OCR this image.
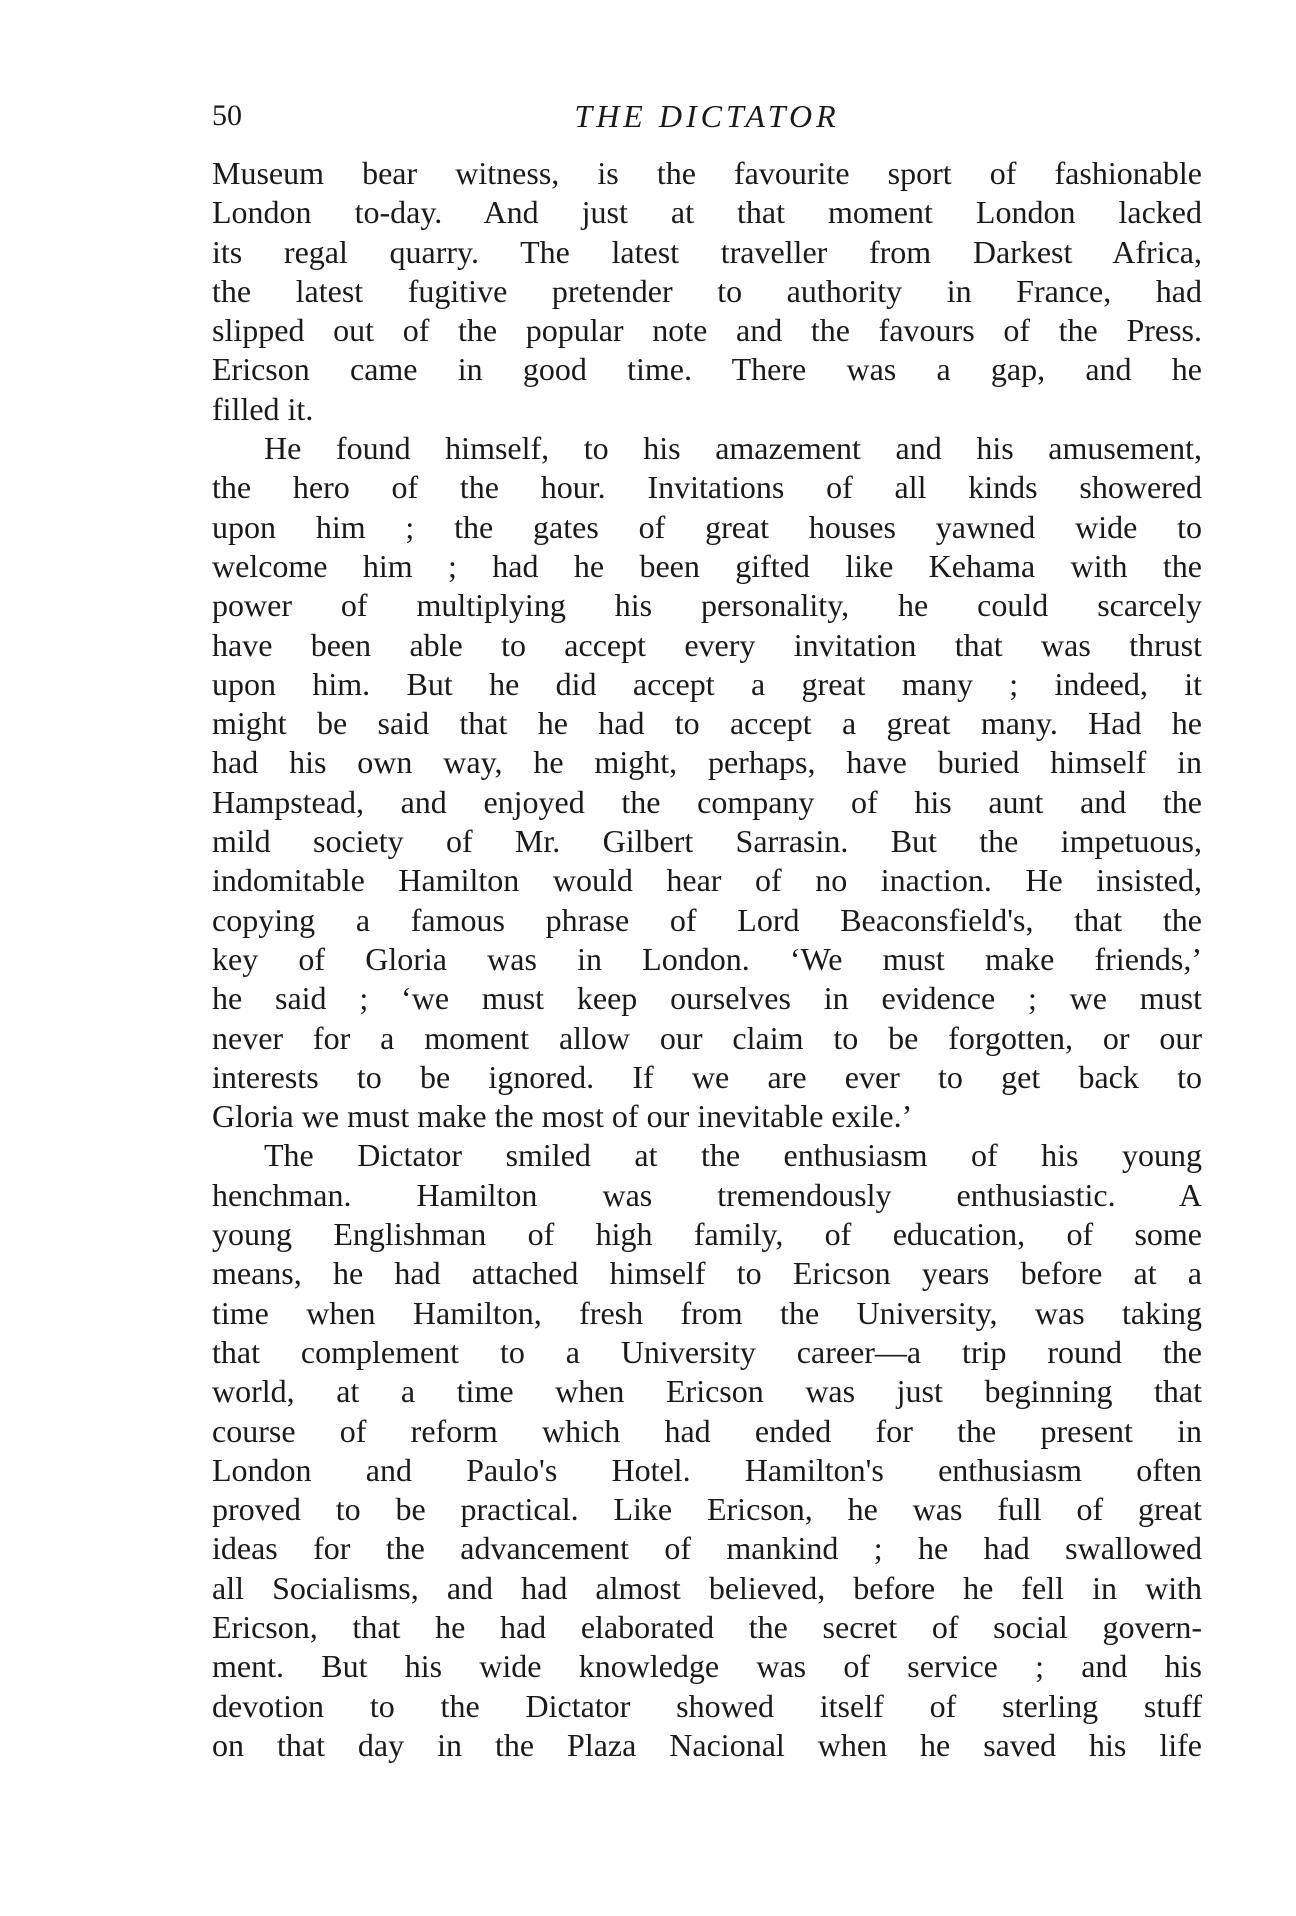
50	THE DICTATOR
Museum bear witness, is the favourite sport of fashionable
London to-day. And just at that moment London lacked
its regal quarry. The latest traveller from Darkest Africa,
the latest fugitive pretender to authority in France, had
slipped out of the popular note and the favours of the Press.
Ericson came in good time. There was a gap, and he
filled it.
He found himself, to his amazement and his amusement,
the hero of the hour. Invitations of all kinds showered
upon him ; the gates of great houses yawned wide to
welcome him ; had he been gifted like Kehama with the
power of multiplying his personality, he could scarcely
have been able to accept every invitation that was thrust
upon him. But he did accept a great many ; indeed, it
might be said that he had to accept a great many. Had he
had his own way, he might, perhaps, have buried himself in
Hampstead, and enjoyed the company of his aunt and the
mild society of Mr. Gilbert Sarrasin. But the impetuous,
indomitable Hamilton would hear of no inaction. He insisted,
copying a famous phrase of Lord Beaconsfield's, that the
key of Gloria was in London. ‘We must make friends,’
he said ; ‘we must keep ourselves in evidence ; we must
never for a moment allow our claim to be forgotten, or our
interests to be ignored. If we are ever to get back to
Gloria we must make the most of our inevitable exile.’
The Dictator smiled at the enthusiasm of his young
henchman. Hamilton was tremendously enthusiastic. A
young Englishman of high family, of education, of some
means, he had attached himself to Ericson years before at a
time when Hamilton, fresh from the University, was taking
that complement to a University career—a trip round the
world, at a time when Ericson was just beginning that
course of reform which had ended for the present in
London and Paulo's Hotel. Hamilton's enthusiasm often
proved to be practical. Like Ericson, he was full of great
ideas for the advancement of mankind ; he had swallowed
all Socialisms, and had almost believed, before he fell in with
Ericson, that he had elaborated the secret of social govern-
ment. But his wide knowledge was of service ; and his
devotion to the Dictator showed itself of sterling stuff
on that day in the Plaza Nacional when he saved his life
